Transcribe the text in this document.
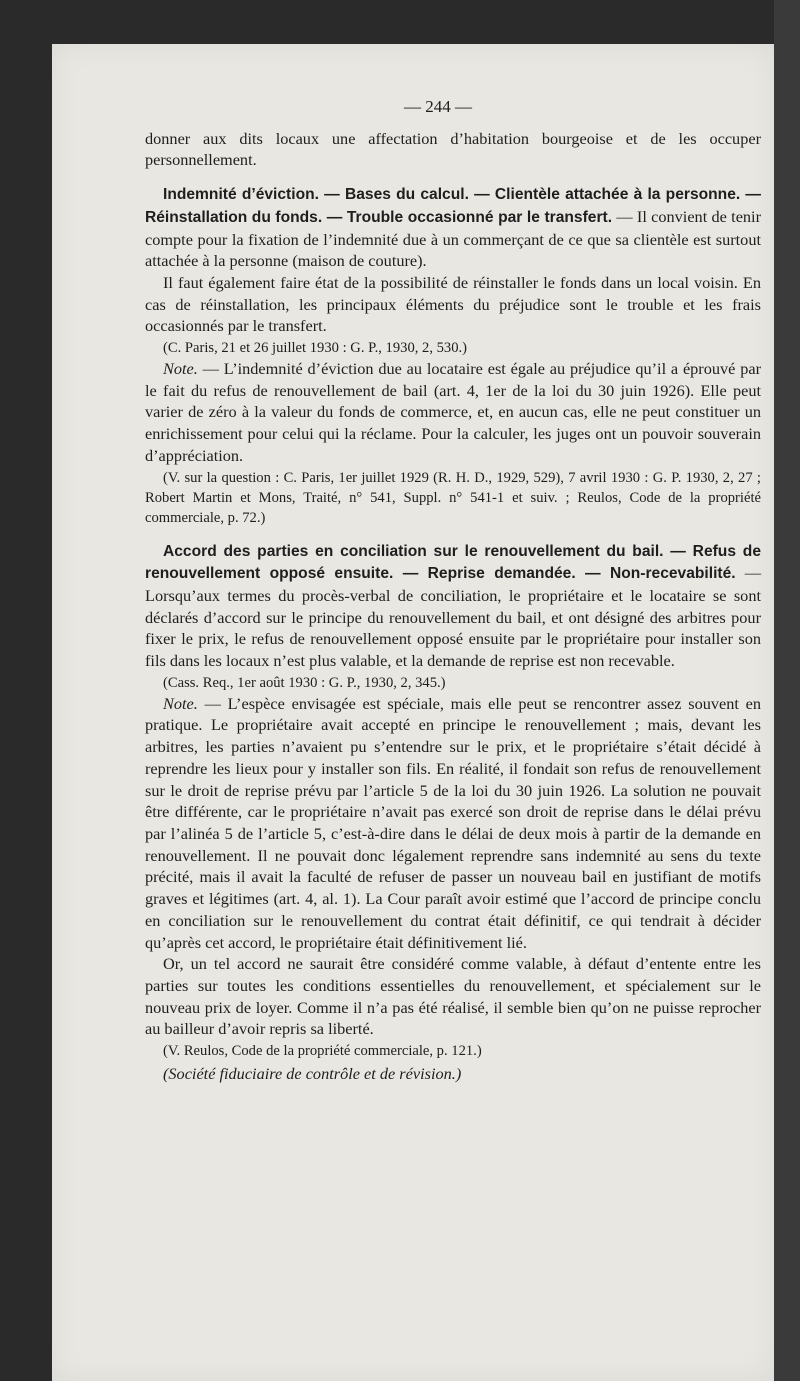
— 244 —

donner aux dits locaux une affectation d’habitation bourgeoise et de les occuper personnellement.

Indemnité d’éviction. — Bases du calcul. — Clientèle attachée à la personne. — Réinstallation du fonds. — Trouble occasionné par le transfert. — Il convient de tenir compte pour la fixation de l’indemnité due à un commerçant de ce que sa clientèle est surtout attachée à la personne (maison de couture).

Il faut également faire état de la possibilité de réinstaller le fonds dans un local voisin. En cas de réinstallation, les principaux éléments du préjudice sont le trouble et les frais occasionnés par le transfert.

(C. Paris, 21 et 26 juillet 1930 : G. P., 1930, 2, 530.)

Note. — L’indemnité d’éviction due au locataire est égale au préjudice qu’il a éprouvé par le fait du refus de renouvellement de bail (art. 4, 1er de la loi du 30 juin 1926). Elle peut varier de zéro à la valeur du fonds de commerce, et, en aucun cas, elle ne peut constituer un enrichissement pour celui qui la réclame. Pour la calculer, les juges ont un pouvoir souverain d’appréciation.

(V. sur la question : C. Paris, 1er juillet 1929 (R. H. D., 1929, 529), 7 avril 1930 : G. P. 1930, 2, 27 ; Robert Martin et Mons, Traité, n° 541, Suppl. n° 541-1 et suiv. ; Reulos, Code de la propriété commerciale, p. 72.)

Accord des parties en conciliation sur le renouvellement du bail. — Refus de renouvellement opposé ensuite. — Reprise demandée. — Non-recevabilité. — Lorsqu’aux termes du procès-verbal de conciliation, le propriétaire et le locataire se sont déclarés d’accord sur le principe du renouvellement du bail, et ont désigné des arbitres pour fixer le prix, le refus de renouvellement opposé ensuite par le propriétaire pour installer son fils dans les locaux n’est plus valable, et la demande de reprise est non recevable.

(Cass. Req., 1er août 1930 : G. P., 1930, 2, 345.)

Note. — L’espèce envisagée est spéciale, mais elle peut se rencontrer assez souvent en pratique. Le propriétaire avait accepté en principe le renouvellement ; mais, devant les arbitres, les parties n’avaient pu s’entendre sur le prix, et le propriétaire s’était décidé à reprendre les lieux pour y installer son fils. En réalité, il fondait son refus de renouvellement sur le droit de reprise prévu par l’article 5 de la loi du 30 juin 1926. La solution ne pouvait être différente, car le propriétaire n’avait pas exercé son droit de reprise dans le délai prévu par l’alinéa 5 de l’article 5, c’est-à-dire dans le délai de deux mois à partir de la demande en renouvellement. Il ne pouvait donc légalement reprendre sans indemnité au sens du texte précité, mais il avait la faculté de refuser de passer un nouveau bail en justifiant de motifs graves et légitimes (art. 4, al. 1). La Cour paraît avoir estimé que l’accord de principe conclu en conciliation sur le renouvellement du contrat était définitif, ce qui tendrait à décider qu’après cet accord, le propriétaire était définitivement lié.

Or, un tel accord ne saurait être considéré comme valable, à défaut d’entente entre les parties sur toutes les conditions essentielles du renouvellement, et spécialement sur le nouveau prix de loyer. Comme il n’a pas été réalisé, il semble bien qu’on ne puisse reprocher au bailleur d’avoir repris sa liberté.

(V. Reulos, Code de la propriété commerciale, p. 121.)

(Société fiduciaire de contrôle et de révision.)
